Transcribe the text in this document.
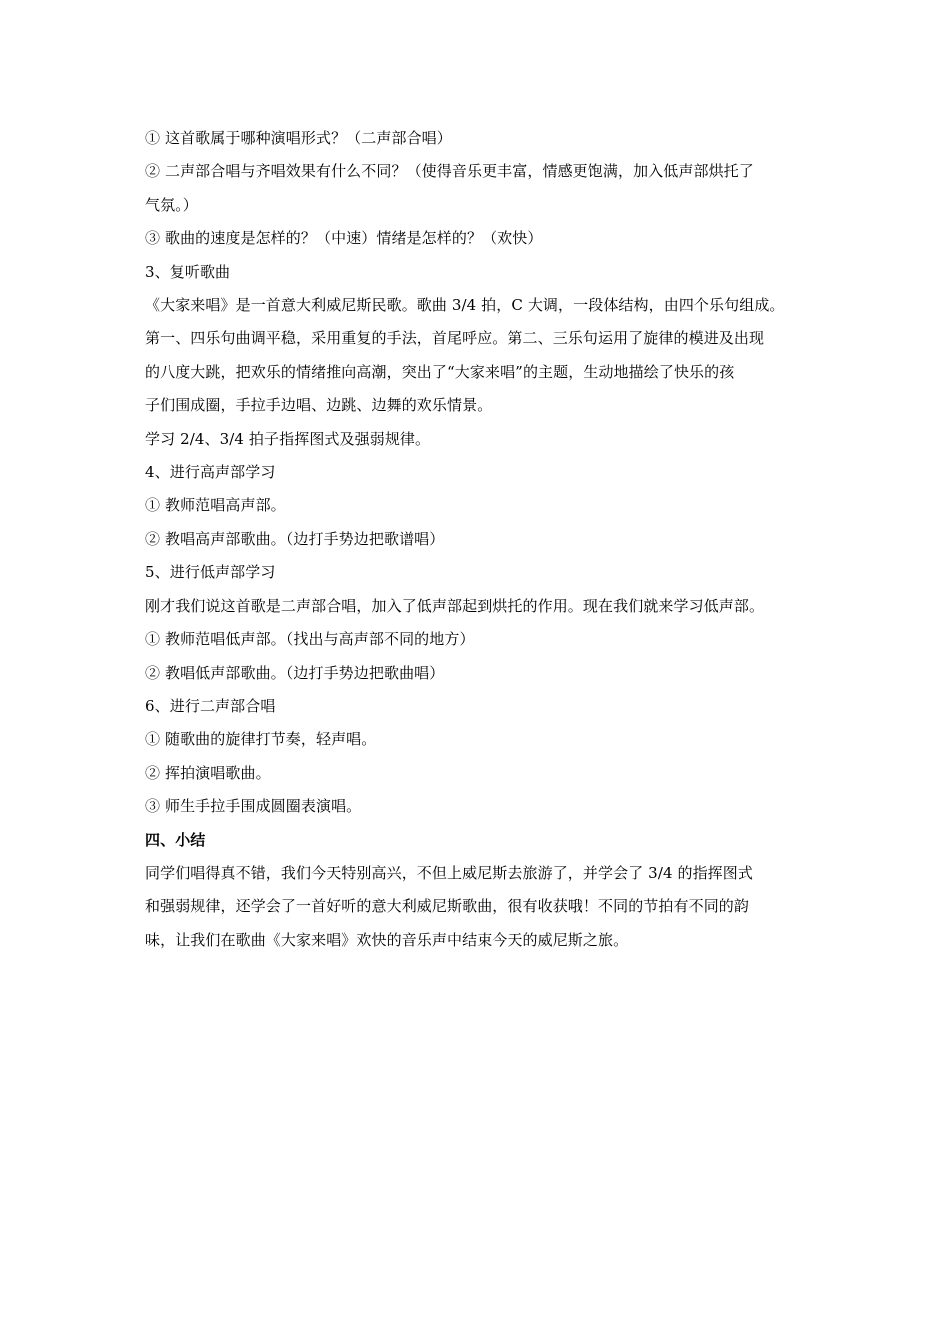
① 这首歌属于哪种演唱形式？（二声部合唱）

② 二声部合唱与齐唱效果有什么不同？（使得音乐更丰富，情感更饱满，加入低声部烘托了

气氛。）

③ 歌曲的速度是怎样的？（中速）情绪是怎样的？（欢快）

3、复听歌曲

《大家来唱》是一首意大利威尼斯民歌。歌曲 3/4 拍，C 大调，一段体结构，由四个乐句组成。

第一、四乐句曲调平稳，采用重复的手法，首尾呼应。第二、三乐句运用了旋律的模进及出现

的八度大跳，把欢乐的情绪推向高潮，突出了“大家来唱”的主题，生动地描绘了快乐的孩

子们围成圈，手拉手边唱、边跳、边舞的欢乐情景。

学习 2/4、3/4 拍子指挥图式及强弱规律。

4、进行高声部学习

① 教师范唱高声部。

② 教唱高声部歌曲。（边打手势边把歌谱唱）

5、进行低声部学习

刚才我们说这首歌是二声部合唱，加入了低声部起到烘托的作用。现在我们就来学习低声部。

① 教师范唱低声部。（找出与高声部不同的地方）

② 教唱低声部歌曲。（边打手势边把歌曲唱）

6、进行二声部合唱

① 随歌曲的旋律打节奏，轻声唱。

② 挥拍演唱歌曲。

③ 师生手拉手围成圆圈表演唱。

四、小结

同学们唱得真不错，我们今天特别高兴，不但上威尼斯去旅游了，并学会了 3/4 的指挥图式

和强弱规律，还学会了一首好听的意大利威尼斯歌曲，很有收获哦！不同的节拍有不同的韵

味，让我们在歌曲《大家来唱》欢快的音乐声中结束今天的威尼斯之旅。
